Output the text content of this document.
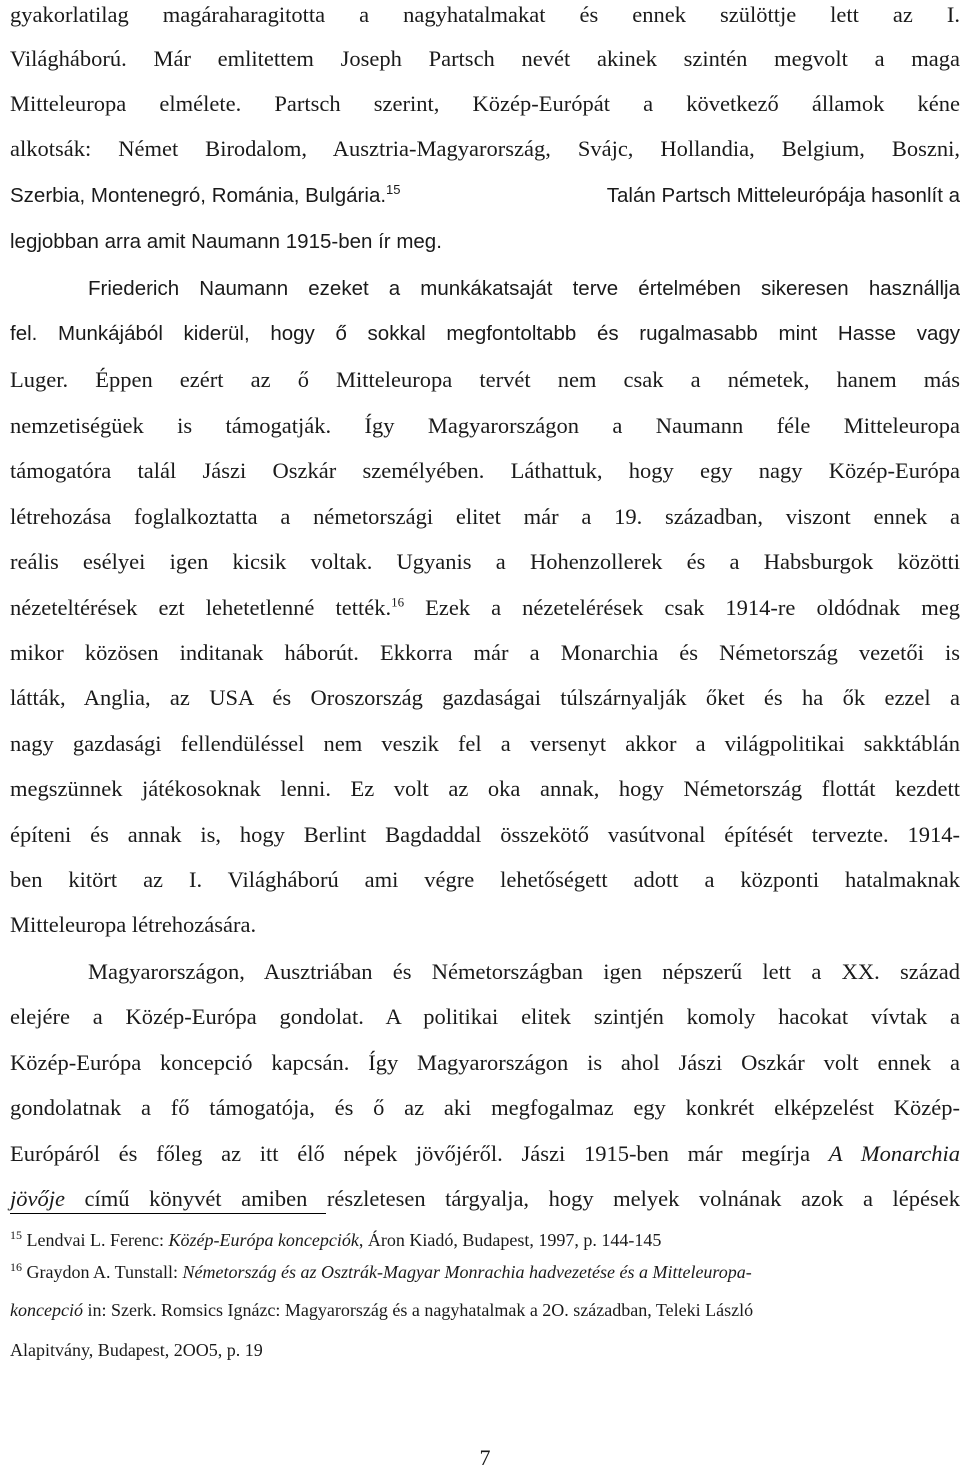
gyakorlatilag magáraharagitotta a nagyhatalmakat és ennek szülöttje lett az I.
Világháború. Már emlitettem Joseph Partsch nevét akinek szintén megvolt a maga
Mitteleuropa elmélete. Partsch szerint, Közép-Európát a következő államok kéne
alkotsák: Német Birodalom, Ausztria-Magyarország, Svájc, Hollandia, Belgium, Boszni,
Szerbia, Montenegró, Románia, Bulgária.$^{15}$	Talán Partsch Mitteleurópája hasonlít a
legjobban arra amit Naumann 1915-ben ír meg.
Friederich Naumann ezeket a munkákatsaját terve értelmében sikeresen használlja
fel. Munkájából kiderül, hogy ő sokkal megfontoltabb és rugalmasabb mint Hasse vagy
Luger. Éppen ezért az ő Mitteleuropa tervét nem csak a németek, hanem más
nemzetiségüek is támogatják. Így Magyarországon a Naumann féle Mitteleuropa
támogatóra talál Jászi Oszkár személyében. Láthattuk, hogy egy nagy Közép-Európa
létrehozása foglalkoztatta a németországi elitet már a 19. században, viszont ennek a
reális esélyei igen kicsik voltak. Ugyanis a Hohenzollerek és a Habsburgok közötti
nézeteltérések ezt lehetetlenné tették.$^{16}$ Ezek a nézetelérések csak 1914-re oldódnak meg
mikor közösen inditanak háborút. Ekkorra már a Monarchia és Németország vezetői is
látták, Anglia, az USA és Oroszország gazdaságai túlszárnyalják őket és ha ők ezzel a
nagy gazdasági fellendüléssel nem veszik fel a versenyt akkor a világpolitikai sakktáblán
megszünnek játékosoknak lenni. Ez volt az oka annak, hogy Németország flottát kezdett
építeni és annak is, hogy Berlint Bagdaddal összekötő vasútvonal építését tervezte. 1914-
ben kitört az I. Világháború ami végre lehetőségett adott a központi hatalmaknak
Mitteleuropa létrehozására.
Magyarországon, Ausztriában és Németországban igen népszerű lett a XX. század
elejére a Közép-Európa gondolat. A politikai elitek szintjén komoly hacokat vívtak a
Közép-Európa koncepció kapcsán. Így Magyarországon is ahol Jászi Oszkár volt ennek a
gondolatnak a fő támogatója, és ő az aki megfogalmaz egy konkrét elképzelést Közép-
Európáról és főleg az itt élő népek jövőjéről. Jászi 1915-ben már megírja A Monarchia
jövője című könyvét amiben részletesen tárgyalja, hogy melyek volnának azok a lépések
$^{15}$ Lendvai L. Ferenc: Közép-Európa koncepciók, Áron Kiadó, Budapest, 1997, p. 144-145
$^{16}$ Graydon A. Tunstall: Németország és az Osztrák-Magyar Monrachia hadvezetése és a Mitteleuropa-
koncepció in: Szerk. Romsics Ignázc: Magyarország és a nagyhatalmak a 2O. században, Teleki László
Alapitvány, Budapest, 2OO5, p. 19
7
